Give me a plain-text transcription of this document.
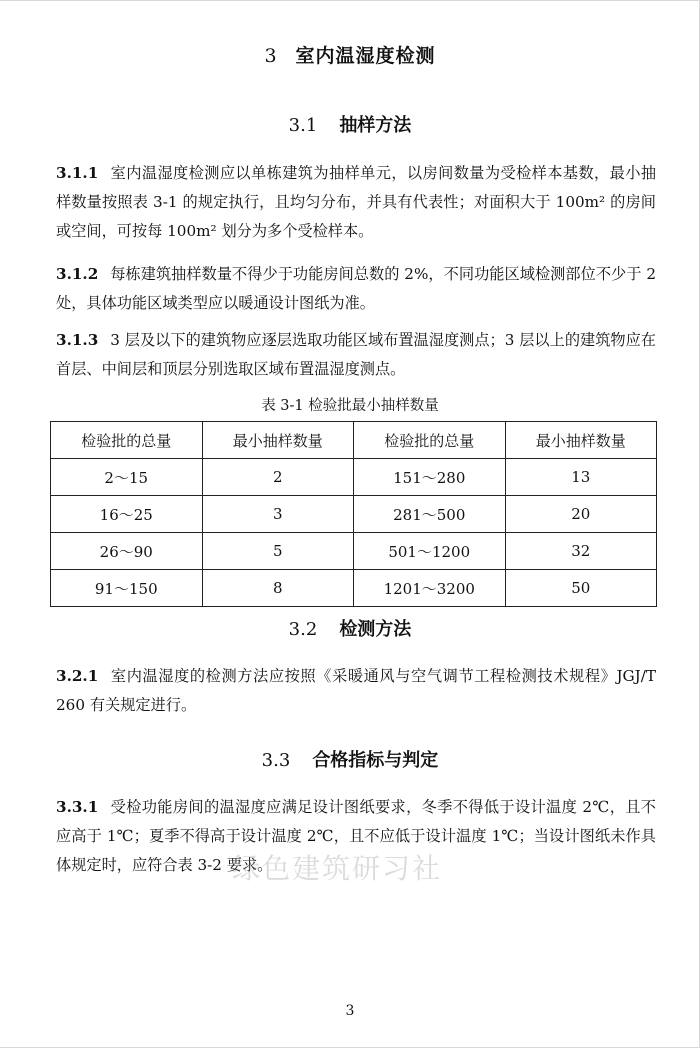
3 室内温湿度检测
3.1 抽样方法
3.1.1 室内温湿度检测应以单栋建筑为抽样单元，以房间数量为受检样本基数，最小抽样数量按照表 3-1 的规定执行，且均匀分布，并具有代表性；对面积大于 100m² 的房间或空间，可按每 100m² 划分为多个受检样本。
3.1.2 每栋建筑抽样数量不得少于功能房间总数的 2%，不同功能区域检测部位不少于 2 处，具体功能区域类型应以暖通设计图纸为准。
3.1.3 3 层及以下的建筑物应逐层选取功能区域布置温湿度测点；3 层以上的建筑物应在首层、中间层和顶层分别选取区域布置温湿度测点。
表 3-1 检验批最小抽样数量
检验批的总量	最小抽样数量	检验批的总量	最小抽样数量
2～15	2	151～280	13
16～25	3	281～500	20
26～90	5	501～1200	32
91～150	8	1201～3200	50
3.2 检测方法
3.2.1 室内温湿度的检测方法应按照《采暖通风与空气调节工程检测技术规程》JGJ/T 260 有关规定进行。
3.3 合格指标与判定
3.3.1 受检功能房间的温湿度应满足设计图纸要求，冬季不得低于设计温度 2℃，且不应高于 1℃；夏季不得高于设计温度 2℃，且不应低于设计温度 1℃；当设计图纸未作具体规定时，应符合表 3-2 要求。
绿色建筑研习社
3
